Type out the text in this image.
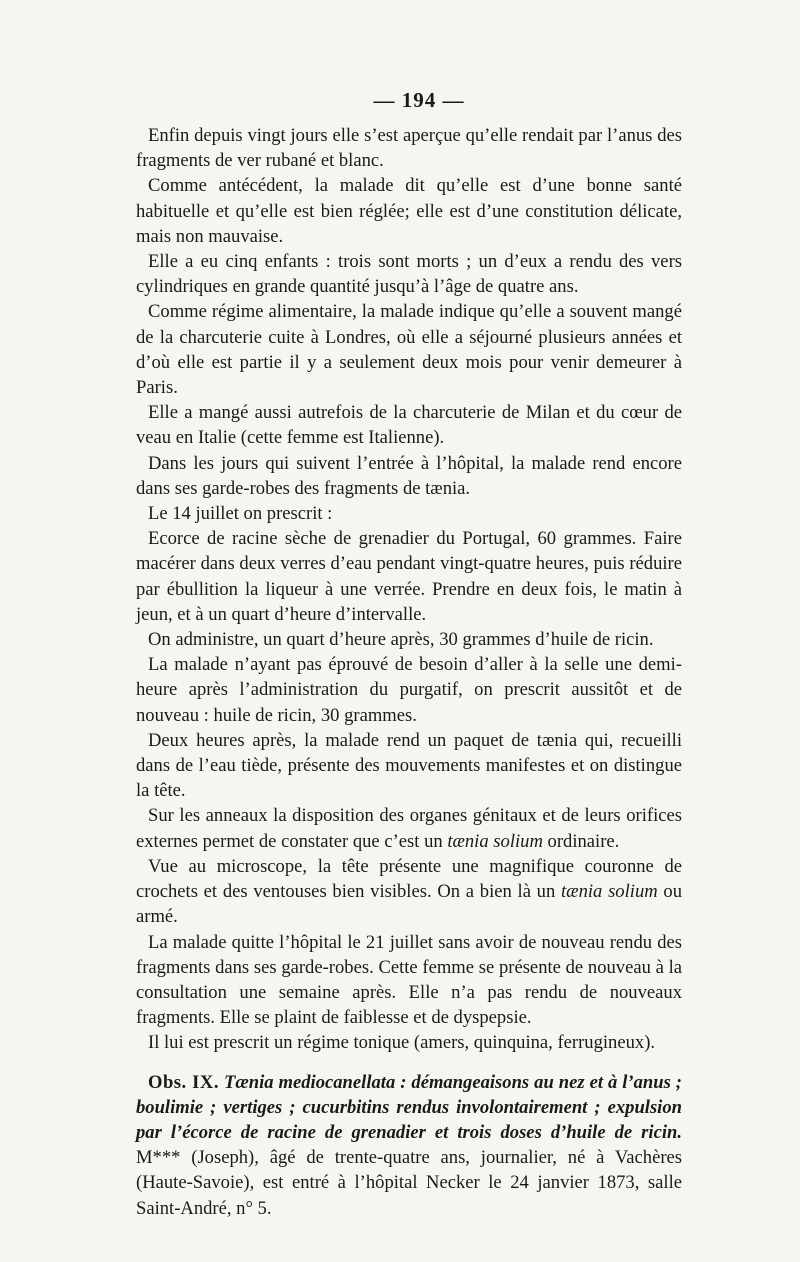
— 194 —

Enfin depuis vingt jours elle s’est aperçue qu’elle rendait par l’anus des fragments de ver rubané et blanc.

Comme antécédent, la malade dit qu’elle est d’une bonne santé habituelle et qu’elle est bien réglée; elle est d’une constitution délicate, mais non mauvaise.

Elle a eu cinq enfants : trois sont morts ; un d’eux a rendu des vers cylindriques en grande quantité jusqu’à l’âge de quatre ans.

Comme régime alimentaire, la malade indique qu’elle a souvent mangé de la charcuterie cuite à Londres, où elle a séjourné plusieurs années et d’où elle est partie il y a seulement deux mois pour venir demeurer à Paris.

Elle a mangé aussi autrefois de la charcuterie de Milan et du cœur de veau en Italie (cette femme est Italienne).

Dans les jours qui suivent l’entrée à l’hôpital, la malade rend encore dans ses garde-robes des fragments de tænia.

Le 14 juillet on prescrit :

Ecorce de racine sèche de grenadier du Portugal, 60 grammes. Faire macérer dans deux verres d’eau pendant vingt-quatre heures, puis réduire par ébullition la liqueur à une verrée. Prendre en deux fois, le matin à jeun, et à un quart d’heure d’intervalle.

On administre, un quart d’heure après, 30 grammes d’huile de ricin.

La malade n’ayant pas éprouvé de besoin d’aller à la selle une demi-heure après l’administration du purgatif, on prescrit aussitôt et de nouveau : huile de ricin, 30 grammes.

Deux heures après, la malade rend un paquet de tænia qui, recueilli dans de l’eau tiède, présente des mouvements manifestes et on distingue la tête.

Sur les anneaux la disposition des organes génitaux et de leurs orifices externes permet de constater que c’est un tænia solium ordinaire.

Vue au microscope, la tête présente une magnifique couronne de crochets et des ventouses bien visibles. On a bien là un tænia solium ou armé.

La malade quitte l’hôpital le 21 juillet sans avoir de nouveau rendu des fragments dans ses garde-robes. Cette femme se présente de nouveau à la consultation une semaine après. Elle n’a pas rendu de nouveaux fragments. Elle se plaint de faiblesse et de dyspepsie.

Il lui est prescrit un régime tonique (amers, quinquina, ferrugineux).

Obs. IX. Tænia mediocanellata : démangeaisons au nez et à l’anus ; boulimie ; vertiges ; cucurbitins rendus involontairement ; expulsion par l’écorce de racine de grenadier et trois doses d’huile de ricin. M*** (Joseph), âgé de trente-quatre ans, journalier, né à Vachères (Haute-Savoie), est entré à l’hôpital Necker le 24 janvier 1873, salle Saint-André, n° 5.
